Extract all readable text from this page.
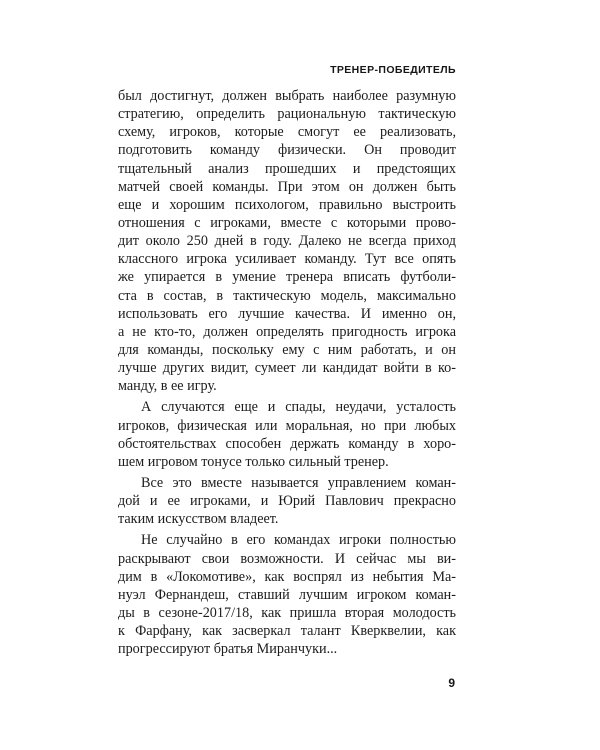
ТРЕНЕР-ПОБЕДИТЕЛЬ

был достигнут, должен выбрать наиболее разумную
стратегию, определить рациональную тактическую
схему, игроков, которые смогут ее реализовать,
подготовить команду физически. Он проводит
тщательный анализ прошедших и предстоящих
матчей своей команды. При этом он должен быть
еще и хорошим психологом, правильно выстроить
отношения с игроками, вместе с которыми прово-
дит около 250 дней в году. Далеко не всегда приход
классного игрока усиливает команду. Тут все опять
же упирается в умение тренера вписать футболи-
ста в состав, в тактическую модель, максимально
использовать его лучшие качества. И именно он,
а не кто-то, должен определять пригодность игрока
для команды, поскольку ему с ним работать, и он
лучше других видит, сумеет ли кандидат войти в ко-
манду, в ее игру.

А случаются еще и спады, неудачи, усталость
игроков, физическая или моральная, но при любых
обстоятельствах способен держать команду в хоро-
шем игровом тонусе только сильный тренер.

Все это вместе называется управлением коман-
дой и ее игроками, и Юрий Павлович прекрасно
таким искусством владеет.

Не случайно в его командах игроки полностью
раскрывают свои возможности. И сейчас мы ви-
дим в «Локомотиве», как воспрял из небытия Ма-
нуэл Фернандеш, ставший лучшим игроком коман-
ды в сезоне-2017/18, как пришла вторая молодость
к Фарфану, как засверкал талант Кверквелии, как
прогрессируют братья Миранчуки...

9
